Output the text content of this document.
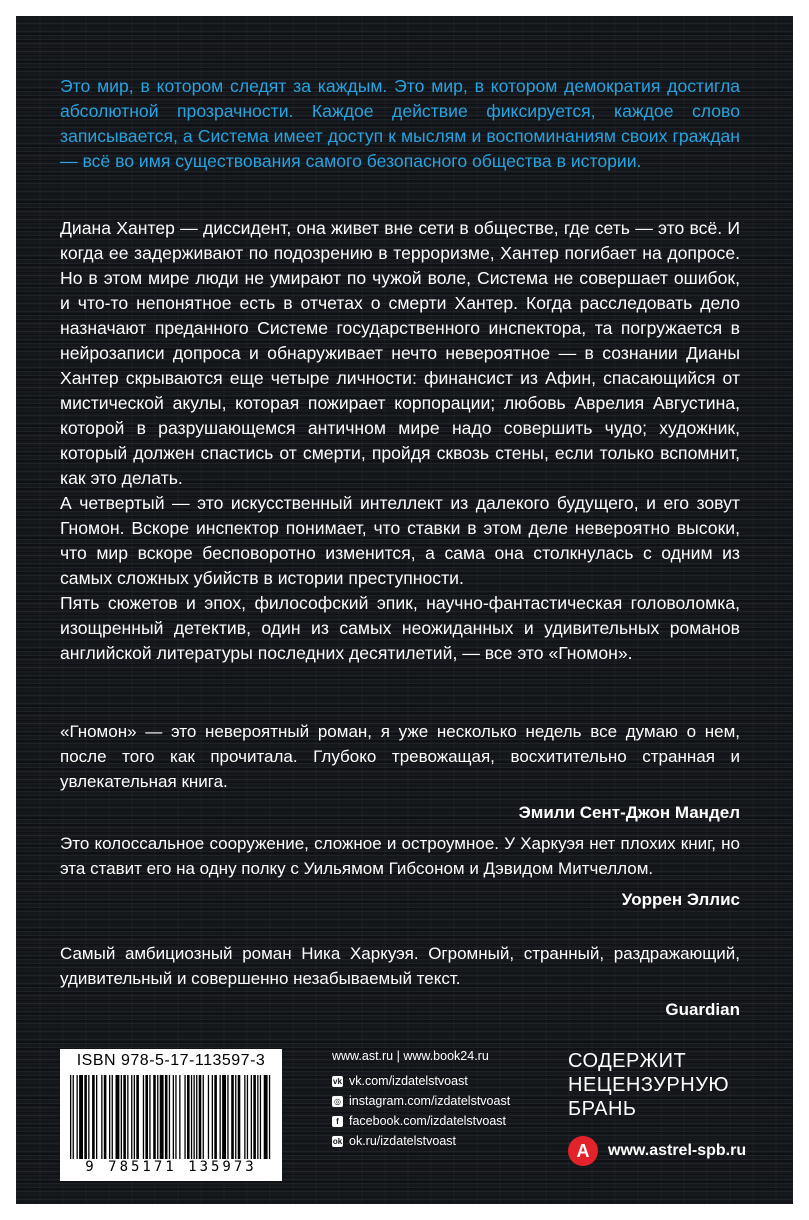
Это мир, в котором следят за каждым. Это мир, в котором демократия достигла абсолютной прозрачности. Каждое действие фиксируется, каждое слово записывается, а Система имеет доступ к мыслям и воспоминаниям своих граждан — всё во имя существования самого безопасного общества в истории.

Диана Хантер — диссидент, она живет вне сети в обществе, где сеть — это всё. И когда ее задерживают по подозрению в терроризме, Хантер погибает на допросе. Но в этом мире люди не умирают по чужой воле, Система не совершает ошибок, и что-то непонятное есть в отчетах о смерти Хантер. Когда расследовать дело назначают преданного Системе государственного инспектора, та погружается в нейрозаписи допроса и обнаруживает нечто невероятное — в сознании Дианы Хантер скрываются еще четыре личности: финансист из Афин, спасающийся от мистической акулы, которая пожирает корпорации; любовь Аврелия Августина, которой в разрушающемся античном мире надо совершить чудо; художник, который должен спастись от смерти, пройдя сквозь стены, если только вспомнит, как это делать.

А четвертый — это искусственный интеллект из далекого будущего, и его зовут Гномон. Вскоре инспектор понимает, что ставки в этом деле невероятно высоки, что мир вскоре бесповоротно изменится, а сама она столкнулась с одним из самых сложных убийств в истории преступности.

Пять сюжетов и эпох, философский эпик, научно-фантастическая головоломка, изощренный детектив, один из самых неожиданных и удивительных романов английской литературы последних десятилетий, — все это «Гномон».

«Гномон» — это невероятный роман, я уже несколько недель все думаю о нем, после того как прочитала. Глубоко тревожащая, восхитительно странная и увлекательная книга.

Эмили Сент-Джон Мандел

Это колоссальное сооружение, сложное и остроумное. У Харкуэя нет плохих книг, но эта ставит его на одну полку с Уильямом Гибсоном и Дэвидом Митчеллом.

Уоррен Эллис

Самый амбициозный роман Ника Харкуэя. Огромный, странный, раздражающий, удивительный и совершенно незабываемый текст.

Guardian
ISBN 978-5-17-113597-3
9 785171 135973
www.ast.ru | www.book24.ru
vk vk.com/izdatelstvoast
◎ instagram.com/izdatelstvoast
f facebook.com/izdatelstvoast
ok ok.ru/izdatelstvoast
СОДЕРЖИТ
НЕЦЕНЗУРНУЮ
БРАНЬ
А	www.astrel-spb.ru
